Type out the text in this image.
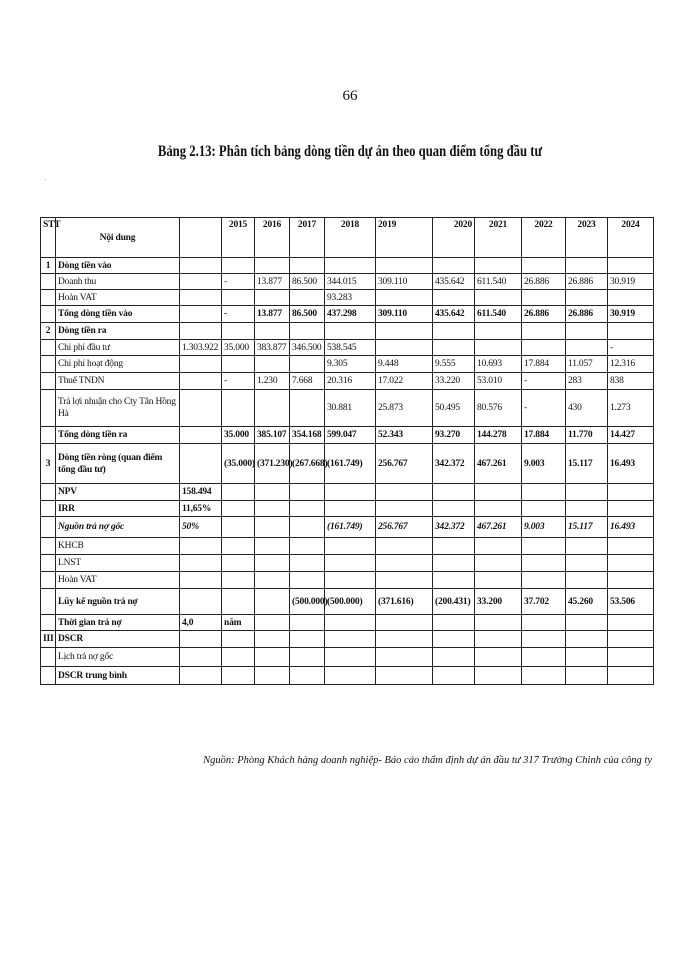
66
Bảng 2.13: Phân tích bảng dòng tiền dự án theo quan điểm tổng đầu tư
`
STT	Nội dung		2015	2016	2017	2018	2019	2020	2021	2022	2023	2024
1	Dòng tiền vào											
	Doanh thu		-	13.877	86.500	344.015	309.110	435.642	611.540	26.886	26.886	30.919
	Hoàn VAT					93.283						
	Tổng dòng tiền vào		-	13.877	86.500	437.298	309.110	435.642	611.540	26.886	26.886	30.919
2	Dòng tiền ra											
	Chi phí đầu tư	1.303.922	35.000	383.877	346.500	538.545						-
	Chi phí hoạt động					9.305	9.448	9.555	10.693	17.884	11.057	12.316
	Thuế TNDN		-	1.230	7.668	20.316	17.022	33.220	53.010	-	283	838
	Trả lợi nhuận cho Cty Tân Hồng Hà					30.881	25.873	50.495	80.576	-	430	1.273
	Tổng dòng tiền ra		35.000	385.107	354.168	599.047	52.343	93.270	144.278	17.884	11.770	14.427
3	Dòng tiền ròng (quan điểm tổng đầu tư)		(35.000)	(371.230)	(267.668)	(161.749)	256.767	342.372	467.261	9.003	15.117	16.493
	NPV	158.494										
	IRR	11,65%										
	Nguồn trả nợ gốc	50%				(161.749)	256.767	342.372	467.261	9.003	15.117	16.493
	KHCB											
	LNST											
	Hoàn VAT											
	Lũy kế nguồn trả nợ				(500.000)	(500.000)	(371.616)	(200.431)	33.200	37.702	45.260	53.506
	Thời gian trả nợ	4,0	năm									
III	DSCR											
	Lịch trả nợ gốc											
	DSCR trung bình											
Nguồn: Phòng Khách hàng doanh nghiệp- Báo cáo thẩm định dự án đầu tư 317 Trường Chinh của công ty
